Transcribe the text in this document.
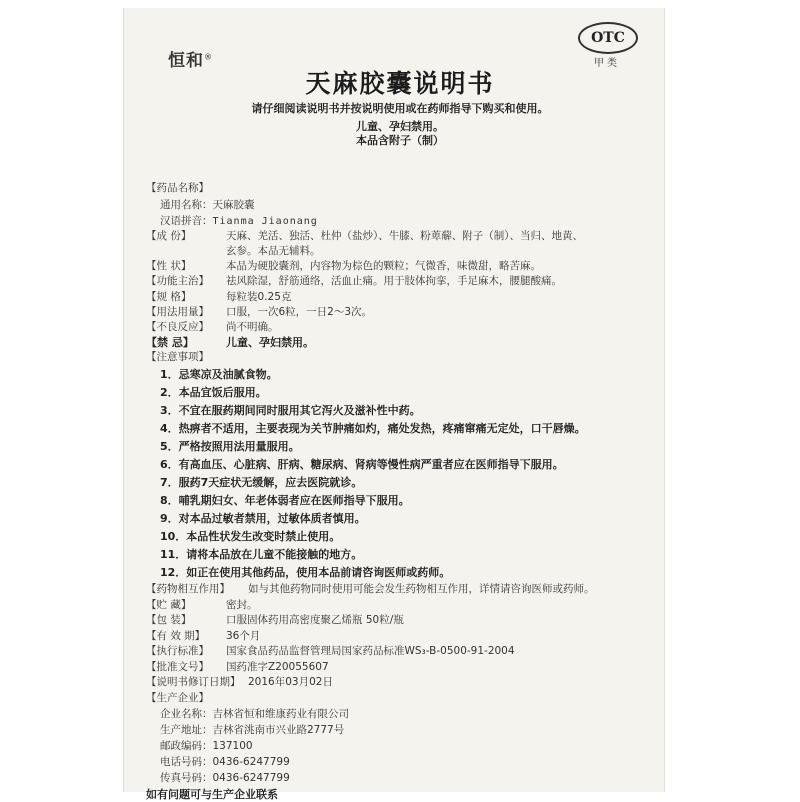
恒和®
OTC
甲类
天麻胶囊说明书
请仔细阅读说明书并按说明使用或在药师指导下购买和使用。
儿童、孕妇禁用。
本品含附子（制）
【药品名称】
通用名称：天麻胶囊
汉语拼音：Tianma Jiaonang
【成 份】	天麻、羌活、独活、杜仲（盐炒）、牛膝、粉萆薢、附子（制）、当归、地黄、
玄参。本品无辅料。
【性 状】	本品为硬胶囊剂，内容物为棕色的颗粒；气微香，味微甜，略苦麻。
【功能主治】 祛风除湿，舒筋通络，活血止痛。用于肢体拘挛，手足麻木，腰腿酸痛。
【规 格】	每粒装0.25克
【用法用量】 口服，一次6粒，一日2～3次。
【不良反应】 尚不明确。
【禁 忌】	儿童、孕妇禁用。
【注意事项】
1．忌寒凉及油腻食物。
2．本品宜饭后服用。
3．不宜在服药期间同时服用其它泻火及滋补性中药。
4．热痹者不适用，主要表现为关节肿痛如灼，痛处发热，疼痛窜痛无定处，口干唇燥。
5．严格按照用法用量服用。
6．有高血压、心脏病、肝病、糖尿病、肾病等慢性病严重者应在医师指导下服用。
7．服药7天症状无缓解，应去医院就诊。
8．哺乳期妇女、年老体弱者应在医师指导下服用。
9．对本品过敏者禁用，过敏体质者慎用。
10．本品性状发生改变时禁止使用。
11．请将本品放在儿童不能接触的地方。
12．如正在使用其他药品，使用本品前请咨询医师或药师。
【药物相互作用】 如与其他药物同时使用可能会发生药物相互作用，详情请咨询医师或药师。
【贮 藏】	密封。
【包 装】	口服固体药用高密度聚乙烯瓶 50粒/瓶
【有 效 期】 36个月
【执行标准】 国家食品药品监督管理局国家药品标准WS₃-B-0500-91-2004
【批准文号】 国药准字Z20055607
【说明书修订日期】 2016年03月02日
【生产企业】
企业名称：吉林省恒和维康药业有限公司
生产地址：吉林省洮南市兴业路2777号
邮政编码：137100
电话号码：0436-6247799
传真号码：0436-6247799
如有问题可与生产企业联系
